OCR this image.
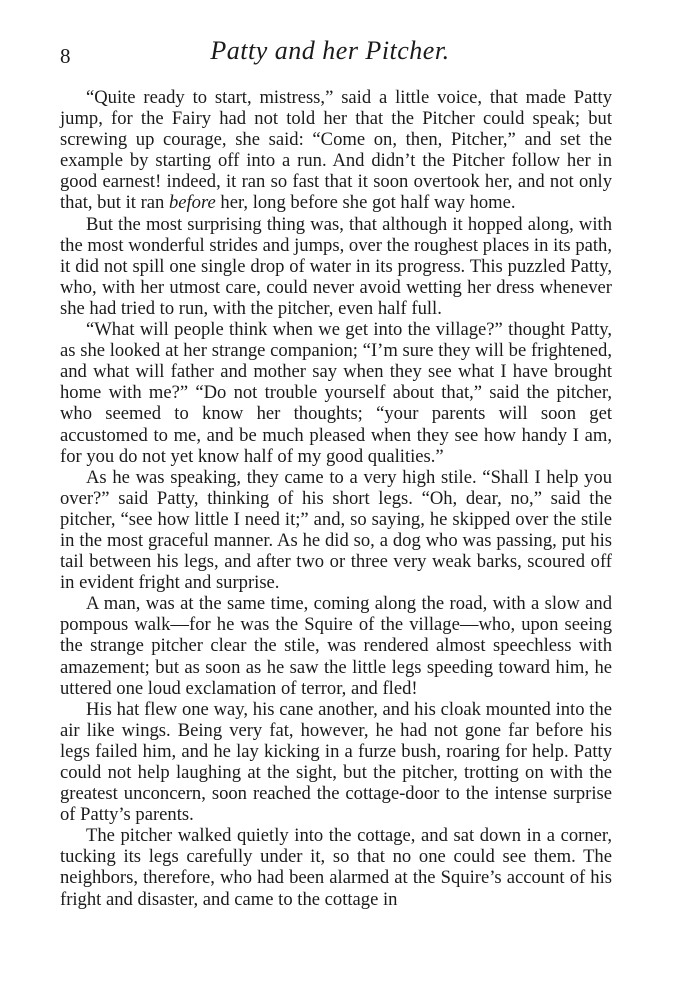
8	Patty and her Pitcher.

“Quite ready to start, mistress,” said a little voice, that made Patty jump, for the Fairy had not told her that the Pitcher could speak; but screwing up courage, she said: “Come on, then, Pitcher,” and set the example by starting off into a run. And didn’t the Pitcher follow her in good earnest! indeed, it ran so fast that it soon overtook her, and not only that, but it ran before her, long before she got half way home.

But the most surprising thing was, that although it hopped along, with the most wonderful strides and jumps, over the roughest places in its path, it did not spill one single drop of water in its progress. This puzzled Patty, who, with her utmost care, could never avoid wetting her dress whenever she had tried to run, with the pitcher, even half full.

“What will people think when we get into the village?” thought Patty, as she looked at her strange companion; “I’m sure they will be frightened, and what will father and mother say when they see what I have brought home with me?” “Do not trouble yourself about that,” said the pitcher, who seemed to know her thoughts; “your parents will soon get accustomed to me, and be much pleased when they see how handy I am, for you do not yet know half of my good qualities.”

As he was speaking, they came to a very high stile. “Shall I help you over?” said Patty, thinking of his short legs. “Oh, dear, no,” said the pitcher, “see how little I need it;” and, so saying, he skipped over the stile in the most graceful manner. As he did so, a dog who was passing, put his tail between his legs, and after two or three very weak barks, scoured off in evident fright and surprise.

A man, was at the same time, coming along the road, with a slow and pompous walk—for he was the Squire of the village—who, upon seeing the strange pitcher clear the stile, was rendered almost speechless with amazement; but as soon as he saw the little legs speeding toward him, he uttered one loud exclamation of terror, and fled!

His hat flew one way, his cane another, and his cloak mounted into the air like wings. Being very fat, however, he had not gone far before his legs failed him, and he lay kicking in a furze bush, roaring for help. Patty could not help laughing at the sight, but the pitcher, trotting on with the greatest unconcern, soon reached the cottage-door to the intense surprise of Patty’s parents.

The pitcher walked quietly into the cottage, and sat down in a corner, tucking its legs carefully under it, so that no one could see them. The neighbors, therefore, who had been alarmed at the Squire’s account of his fright and disaster, and came to the cottage in
